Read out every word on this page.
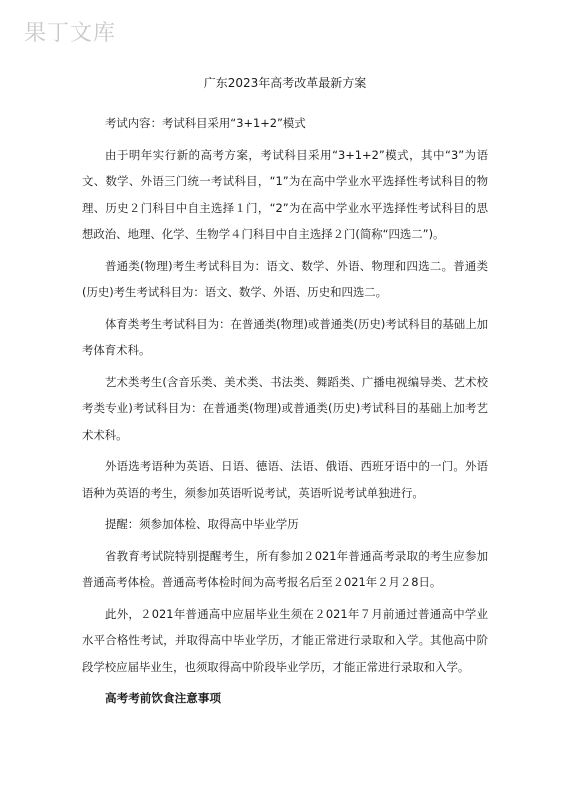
果丁文库
广东2023年高考改革最新方案

考试内容：考试科目采用“3+1+2”模式

由于明年实行新的高考方案，考试科目采用“3+1+2”模式，其中“3”为语文、数学、外语三门统一考试科目，“1”为在高中学业水平选择性考试科目的物理、历史２门科目中自主选择１门，“2”为在高中学业水平选择性考试科目的思想政治、地理、化学、生物学４门科目中自主选择２门(简称“四选二”)。

普通类(物理)考生考试科目为：语文、数学、外语、物理和四选二。普通类(历史)考生考试科目为：语文、数学、外语、历史和四选二。

体育类考生考试科目为：在普通类(物理)或普通类(历史)考试科目的基础上加考体育术科。

艺术类考生(含音乐类、美术类、书法类、舞蹈类、广播电视编导类、艺术校考类专业)考试科目为：在普通类(物理)或普通类(历史)考试科目的基础上加考艺术术科。

外语选考语种为英语、日语、德语、法语、俄语、西班牙语中的一门。外语语种为英语的考生，须参加英语听说考试，英语听说考试单独进行。

提醒：须参加体检、取得高中毕业学历

省教育考试院特别提醒考生，所有参加２021年普通高考录取的考生应参加普通高考体检。普通高考体检时间为高考报名后至２021年２月２8日。

此外，２021年普通高中应届毕业生须在２021年７月前通过普通高中学业水平合格性考试，并取得高中毕业学历，才能正常进行录取和入学。其他高中阶段学校应届毕业生，也须取得高中阶段毕业学历，才能正常进行录取和入学。

高考考前饮食注意事项
